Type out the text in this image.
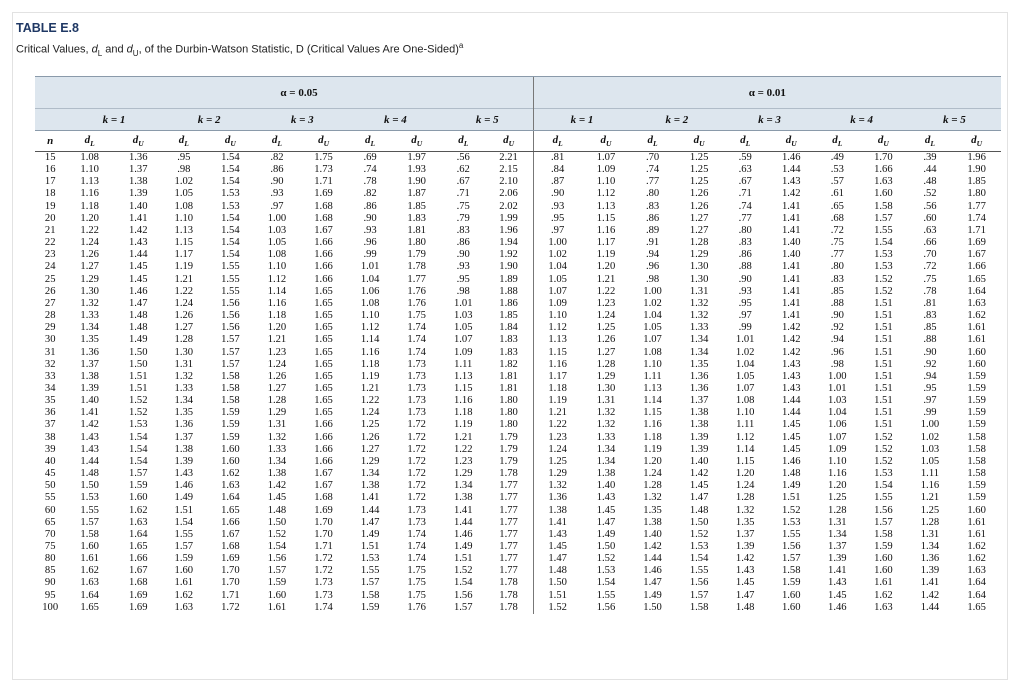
TABLE E.8
Critical Values, $d_L$ and $d_U$, of the Durbin-Watson Statistic, D (Critical Values Are One-Sided)$^a$
	α = 0.05										α = 0.01									
	k = 1		k = 2		k = 3		k = 4		k = 5		k = 1		k = 2		k = 3		k = 4		k = 5	
n	$d_L$	$d_U$	$d_L$	$d_U$	$d_L$	$d_U$	$d_L$	$d_U$	$d_L$	$d_U$	$d_L$	$d_U$	$d_L$	$d_U$	$d_L$	$d_U$	$d_L$	$d_U$	$d_L$	$d_U$
15	1.08	1.36	.95	1.54	.82	1.75	.69	1.97	.56	2.21	.81	1.07	.70	1.25	.59	1.46	.49	1.70	.39	1.96
16	1.10	1.37	.98	1.54	.86	1.73	.74	1.93	.62	2.15	.84	1.09	.74	1.25	.63	1.44	.53	1.66	.44	1.90
17	1.13	1.38	1.02	1.54	.90	1.71	.78	1.90	.67	2.10	.87	1.10	.77	1.25	.67	1.43	.57	1.63	.48	1.85
18	1.16	1.39	1.05	1.53	.93	1.69	.82	1.87	.71	2.06	.90	1.12	.80	1.26	.71	1.42	.61	1.60	.52	1.80
19	1.18	1.40	1.08	1.53	.97	1.68	.86	1.85	.75	2.02	.93	1.13	.83	1.26	.74	1.41	.65	1.58	.56	1.77
20	1.20	1.41	1.10	1.54	1.00	1.68	.90	1.83	.79	1.99	.95	1.15	.86	1.27	.77	1.41	.68	1.57	.60	1.74
21	1.22	1.42	1.13	1.54	1.03	1.67	.93	1.81	.83	1.96	.97	1.16	.89	1.27	.80	1.41	.72	1.55	.63	1.71
22	1.24	1.43	1.15	1.54	1.05	1.66	.96	1.80	.86	1.94	1.00	1.17	.91	1.28	.83	1.40	.75	1.54	.66	1.69
23	1.26	1.44	1.17	1.54	1.08	1.66	.99	1.79	.90	1.92	1.02	1.19	.94	1.29	.86	1.40	.77	1.53	.70	1.67
24	1.27	1.45	1.19	1.55	1.10	1.66	1.01	1.78	.93	1.90	1.04	1.20	.96	1.30	.88	1.41	.80	1.53	.72	1.66
25	1.29	1.45	1.21	1.55	1.12	1.66	1.04	1.77	.95	1.89	1.05	1.21	.98	1.30	.90	1.41	.83	1.52	.75	1.65
26	1.30	1.46	1.22	1.55	1.14	1.65	1.06	1.76	.98	1.88	1.07	1.22	1.00	1.31	.93	1.41	.85	1.52	.78	1.64
27	1.32	1.47	1.24	1.56	1.16	1.65	1.08	1.76	1.01	1.86	1.09	1.23	1.02	1.32	.95	1.41	.88	1.51	.81	1.63
28	1.33	1.48	1.26	1.56	1.18	1.65	1.10	1.75	1.03	1.85	1.10	1.24	1.04	1.32	.97	1.41	.90	1.51	.83	1.62
29	1.34	1.48	1.27	1.56	1.20	1.65	1.12	1.74	1.05	1.84	1.12	1.25	1.05	1.33	.99	1.42	.92	1.51	.85	1.61
30	1.35	1.49	1.28	1.57	1.21	1.65	1.14	1.74	1.07	1.83	1.13	1.26	1.07	1.34	1.01	1.42	.94	1.51	.88	1.61
31	1.36	1.50	1.30	1.57	1.23	1.65	1.16	1.74	1.09	1.83	1.15	1.27	1.08	1.34	1.02	1.42	.96	1.51	.90	1.60
32	1.37	1.50	1.31	1.57	1.24	1.65	1.18	1.73	1.11	1.82	1.16	1.28	1.10	1.35	1.04	1.43	.98	1.51	.92	1.60
33	1.38	1.51	1.32	1.58	1.26	1.65	1.19	1.73	1.13	1.81	1.17	1.29	1.11	1.36	1.05	1.43	1.00	1.51	.94	1.59
34	1.39	1.51	1.33	1.58	1.27	1.65	1.21	1.73	1.15	1.81	1.18	1.30	1.13	1.36	1.07	1.43	1.01	1.51	.95	1.59
35	1.40	1.52	1.34	1.58	1.28	1.65	1.22	1.73	1.16	1.80	1.19	1.31	1.14	1.37	1.08	1.44	1.03	1.51	.97	1.59
36	1.41	1.52	1.35	1.59	1.29	1.65	1.24	1.73	1.18	1.80	1.21	1.32	1.15	1.38	1.10	1.44	1.04	1.51	.99	1.59
37	1.42	1.53	1.36	1.59	1.31	1.66	1.25	1.72	1.19	1.80	1.22	1.32	1.16	1.38	1.11	1.45	1.06	1.51	1.00	1.59
38	1.43	1.54	1.37	1.59	1.32	1.66	1.26	1.72	1.21	1.79	1.23	1.33	1.18	1.39	1.12	1.45	1.07	1.52	1.02	1.58
39	1.43	1.54	1.38	1.60	1.33	1.66	1.27	1.72	1.22	1.79	1.24	1.34	1.19	1.39	1.14	1.45	1.09	1.52	1.03	1.58
40	1.44	1.54	1.39	1.60	1.34	1.66	1.29	1.72	1.23	1.79	1.25	1.34	1.20	1.40	1.15	1.46	1.10	1.52	1.05	1.58
45	1.48	1.57	1.43	1.62	1.38	1.67	1.34	1.72	1.29	1.78	1.29	1.38	1.24	1.42	1.20	1.48	1.16	1.53	1.11	1.58
50	1.50	1.59	1.46	1.63	1.42	1.67	1.38	1.72	1.34	1.77	1.32	1.40	1.28	1.45	1.24	1.49	1.20	1.54	1.16	1.59
55	1.53	1.60	1.49	1.64	1.45	1.68	1.41	1.72	1.38	1.77	1.36	1.43	1.32	1.47	1.28	1.51	1.25	1.55	1.21	1.59
60	1.55	1.62	1.51	1.65	1.48	1.69	1.44	1.73	1.41	1.77	1.38	1.45	1.35	1.48	1.32	1.52	1.28	1.56	1.25	1.60
65	1.57	1.63	1.54	1.66	1.50	1.70	1.47	1.73	1.44	1.77	1.41	1.47	1.38	1.50	1.35	1.53	1.31	1.57	1.28	1.61
70	1.58	1.64	1.55	1.67	1.52	1.70	1.49	1.74	1.46	1.77	1.43	1.49	1.40	1.52	1.37	1.55	1.34	1.58	1.31	1.61
75	1.60	1.65	1.57	1.68	1.54	1.71	1.51	1.74	1.49	1.77	1.45	1.50	1.42	1.53	1.39	1.56	1.37	1.59	1.34	1.62
80	1.61	1.66	1.59	1.69	1.56	1.72	1.53	1.74	1.51	1.77	1.47	1.52	1.44	1.54	1.42	1.57	1.39	1.60	1.36	1.62
85	1.62	1.67	1.60	1.70	1.57	1.72	1.55	1.75	1.52	1.77	1.48	1.53	1.46	1.55	1.43	1.58	1.41	1.60	1.39	1.63
90	1.63	1.68	1.61	1.70	1.59	1.73	1.57	1.75	1.54	1.78	1.50	1.54	1.47	1.56	1.45	1.59	1.43	1.61	1.41	1.64
95	1.64	1.69	1.62	1.71	1.60	1.73	1.58	1.75	1.56	1.78	1.51	1.55	1.49	1.57	1.47	1.60	1.45	1.62	1.42	1.64
100	1.65	1.69	1.63	1.72	1.61	1.74	1.59	1.76	1.57	1.78	1.52	1.56	1.50	1.58	1.48	1.60	1.46	1.63	1.44	1.65
